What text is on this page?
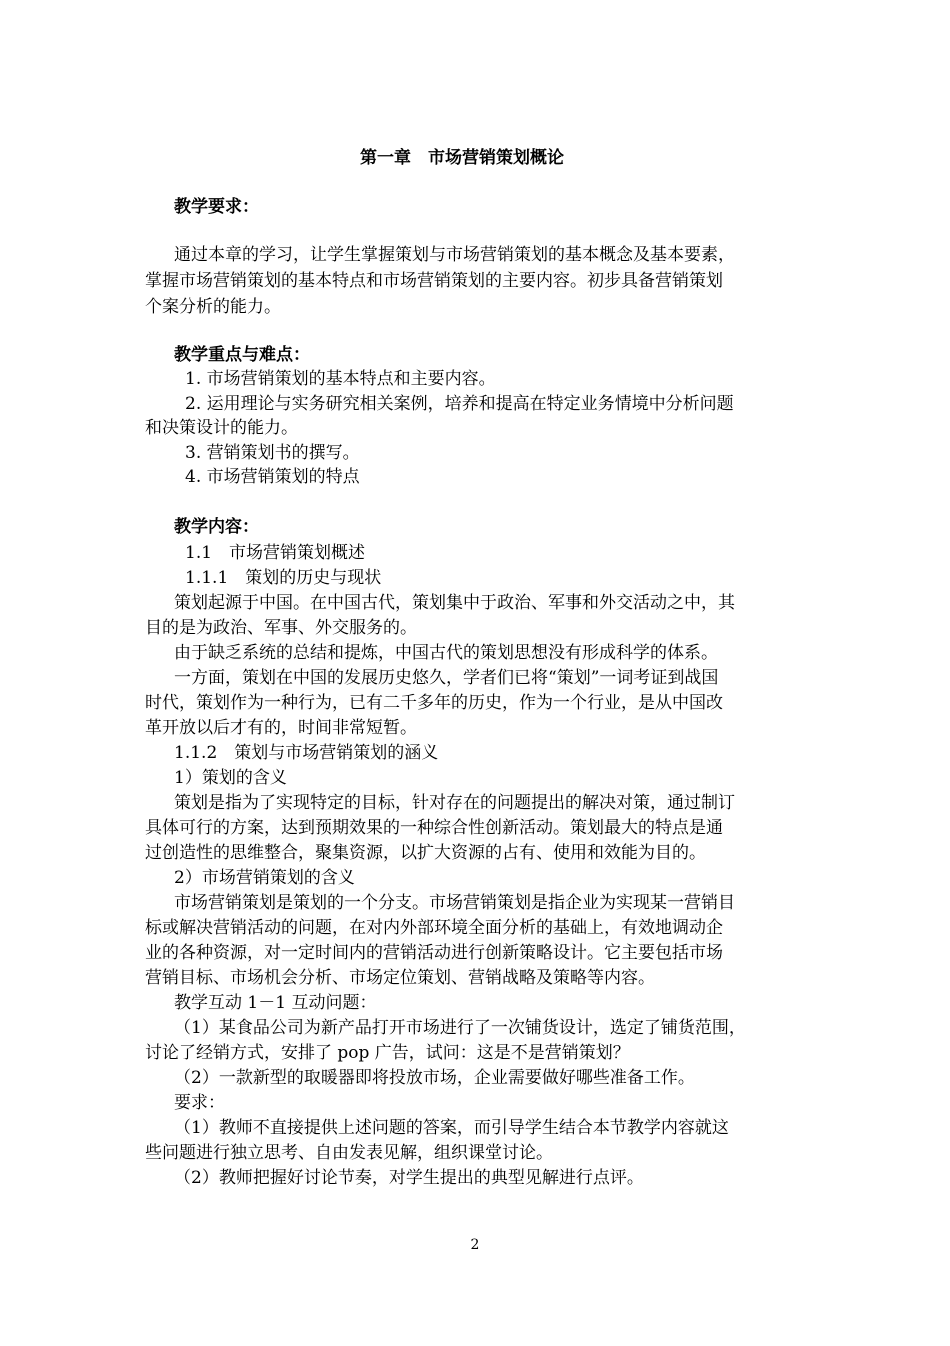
第一章　市场营销策划概论
教学要求：
通过本章的学习，让学生掌握策划与市场营销策划的基本概念及基本要素，
掌握市场营销策划的基本特点和市场营销策划的主要内容。初步具备营销策划
个案分析的能力。
教学重点与难点：
1. 市场营销策划的基本特点和主要内容。
2. 运用理论与实务研究相关案例，培养和提高在特定业务情境中分析问题
和决策设计的能力。
3. 营销策划书的撰写。
4. 市场营销策划的特点
教学内容：
1.1　市场营销策划概述
1.1.1　策划的历史与现状
策划起源于中国。在中国古代，策划集中于政治、军事和外交活动之中，其
目的是为政治、军事、外交服务的。
由于缺乏系统的总结和提炼，中国古代的策划思想没有形成科学的体系。
一方面，策划在中国的发展历史悠久，学者们已将“策划”一词考证到战国
时代，策划作为一种行为，已有二千多年的历史，作为一个行业，是从中国改
革开放以后才有的，时间非常短暂。
1.1.2　策划与市场营销策划的涵义
1）策划的含义
策划是指为了实现特定的目标，针对存在的问题提出的解决对策，通过制订
具体可行的方案，达到预期效果的一种综合性创新活动。策划最大的特点是通
过创造性的思维整合，聚集资源，以扩大资源的占有、使用和效能为目的。
2）市场营销策划的含义
市场营销策划是策划的一个分支。市场营销策划是指企业为实现某一营销目
标或解决营销活动的问题，在对内外部环境全面分析的基础上，有效地调动企
业的各种资源，对一定时间内的营销活动进行创新策略设计。它主要包括市场
营销目标、市场机会分析、市场定位策划、营销战略及策略等内容。
教学互动 1－1 互动问题：
（1）某食品公司为新产品打开市场进行了一次铺货设计，选定了铺货范围，
讨论了经销方式，安排了 pop 广告，试问：这是不是营销策划？
（2）一款新型的取暖器即将投放市场，企业需要做好哪些准备工作。
要求：
（1）教师不直接提供上述问题的答案，而引导学生结合本节教学内容就这
些问题进行独立思考、自由发表见解，组织课堂讨论。
（2）教师把握好讨论节奏，对学生提出的典型见解进行点评。
2
